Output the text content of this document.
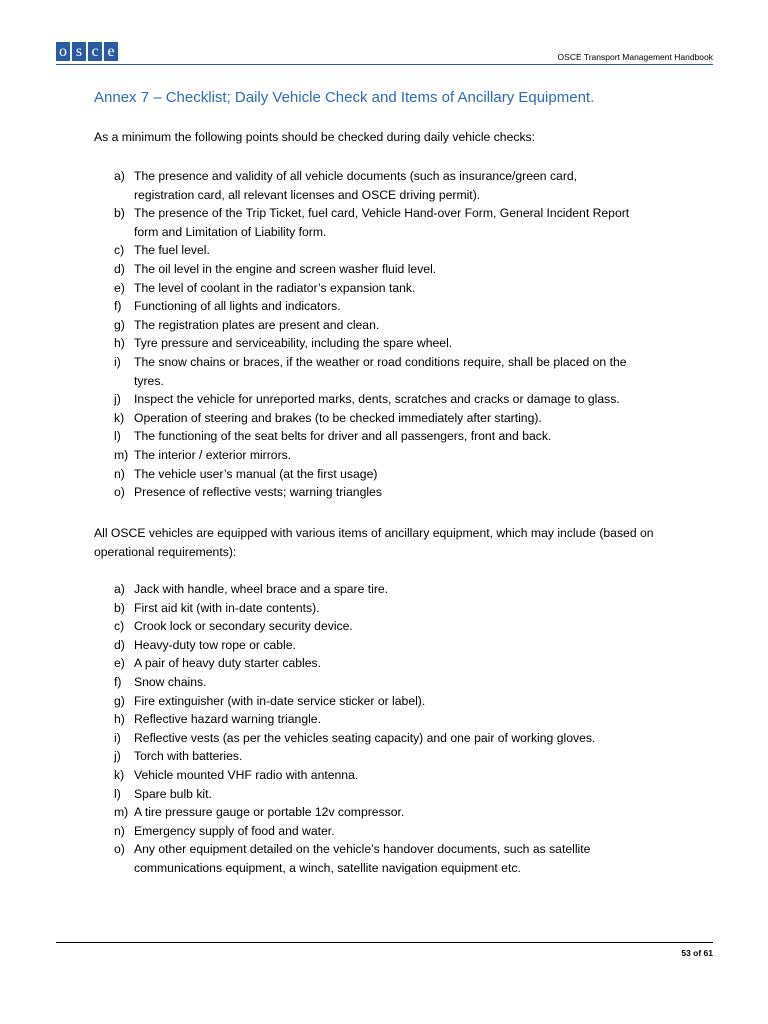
o s c e	OSCE Transport Management Handbook
Annex 7 – Checklist; Daily Vehicle Check and Items of Ancillary Equipment.

As a minimum the following points should be checked during daily vehicle checks:

a) The presence and validity of all vehicle documents (such as insurance/green card, registration card, all relevant licenses and OSCE driving permit).
b) The presence of the Trip Ticket, fuel card, Vehicle Hand-over Form, General Incident Report form and Limitation of Liability form.
c) The fuel level.
d) The oil level in the engine and screen washer fluid level.
e) The level of coolant in the radiator’s expansion tank.
f)	Functioning of all lights and indicators.
g) The registration plates are present and clean.
h) Tyre pressure and serviceability, including the spare wheel.
i)	The snow chains or braces, if the weather or road conditions require, shall be placed on the tyres.
j)	Inspect the vehicle for unreported marks, dents, scratches and cracks or damage to glass.
k) Operation of steering and brakes (to be checked immediately after starting).
l)	The functioning of the seat belts for driver and all passengers, front and back.
m) The interior / exterior mirrors.
n) The vehicle user’s manual (at the first usage)
o) Presence of reflective vests; warning triangles

All OSCE vehicles are equipped with various items of ancillary equipment, which may include (based on operational requirements):

a) Jack with handle, wheel brace and a spare tire.
b) First aid kit (with in-date contents).
c) Crook lock or secondary security device.
d) Heavy-duty tow rope or cable.
e) A pair of heavy duty starter cables.
f)	Snow chains.
g) Fire extinguisher (with in-date service sticker or label).
h) Reflective hazard warning triangle.
i)	Reflective vests (as per the vehicles seating capacity) and one pair of working gloves.
j)	Torch with batteries.
k) Vehicle mounted VHF radio with antenna.
l)	Spare bulb kit.
m) A tire pressure gauge or portable 12v compressor.
n) Emergency supply of food and water.
o) Any other equipment detailed on the vehicle’s handover documents, such as satellite communications equipment, a winch, satellite navigation equipment etc.
53 of 61
